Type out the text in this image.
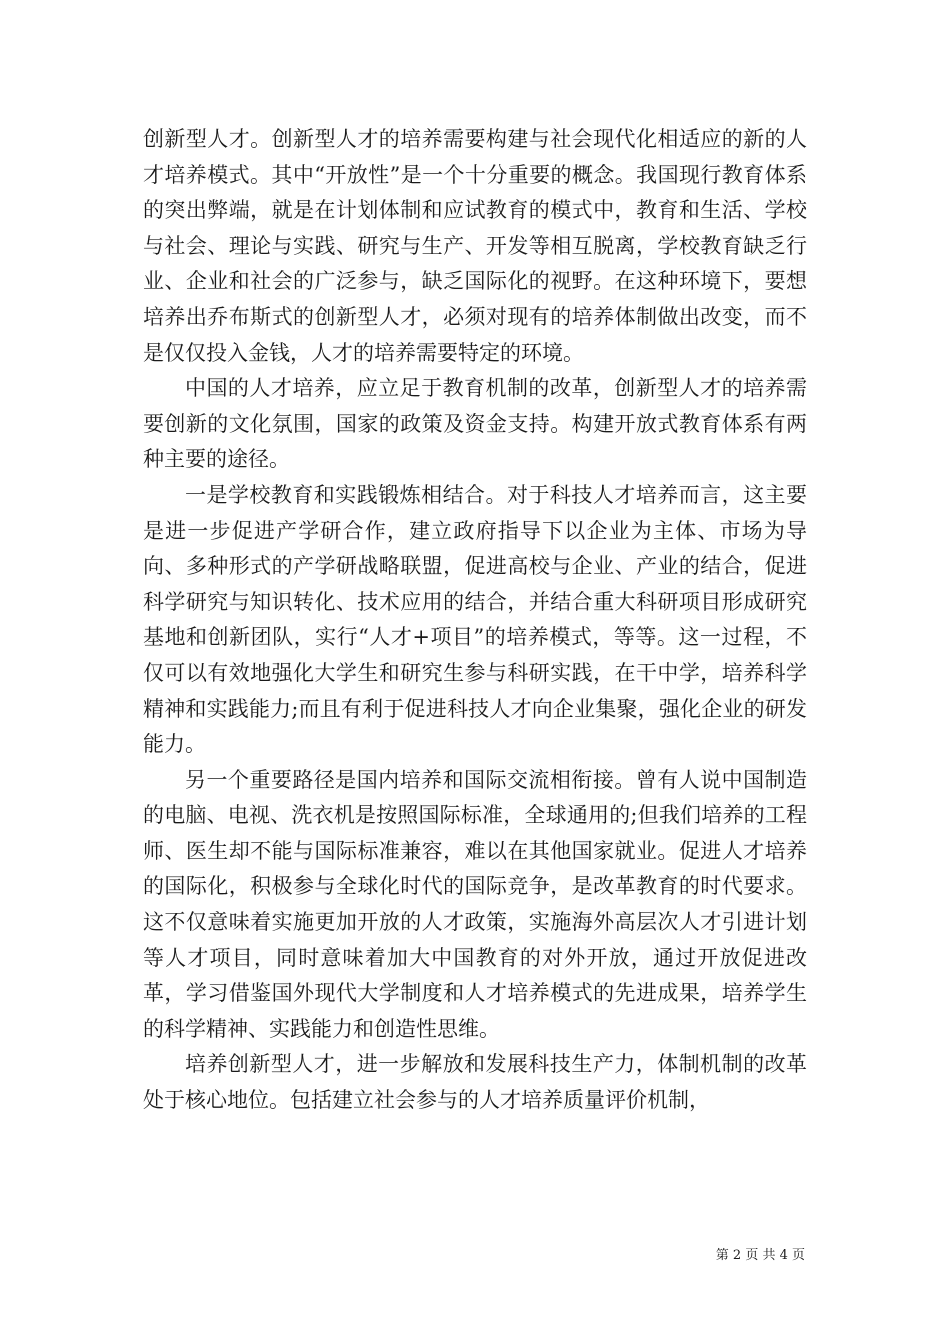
创新型人才。创新型人才的培养需要构建与社会现代化相适应的新的人才培养模式。其中“开放性”是一个十分重要的概念。我国现行教育体系的突出弊端，就是在计划体制和应试教育的模式中，教育和生活、学校与社会、理论与实践、研究与生产、开发等相互脱离，学校教育缺乏行业、企业和社会的广泛参与，缺乏国际化的视野。在这种环境下，要想培养出乔布斯式的创新型人才，必须对现有的培养体制做出改变，而不是仅仅投入金钱，人才的培养需要特定的环境。

中国的人才培养，应立足于教育机制的改革，创新型人才的培养需要创新的文化氛围，国家的政策及资金支持。构建开放式教育体系有两种主要的途径。

一是学校教育和实践锻炼相结合。对于科技人才培养而言，这主要是进一步促进产学研合作，建立政府指导下以企业为主体、市场为导向、多种形式的产学研战略联盟，促进高校与企业、产业的结合，促进科学研究与知识转化、技术应用的结合，并结合重大科研项目形成研究基地和创新团队，实行“人才+项目”的培养模式，等等。这一过程，不仅可以有效地强化大学生和研究生参与科研实践，在干中学，培养科学精神和实践能力;而且有利于促进科技人才向企业集聚，强化企业的研发能力。

另一个重要路径是国内培养和国际交流相衔接。曾有人说中国制造的电脑、电视、洗衣机是按照国际标准，全球通用的;但我们培养的工程师、医生却不能与国际标准兼容，难以在其他国家就业。促进人才培养的国际化，积极参与全球化时代的国际竞争，是改革教育的时代要求。这不仅意味着实施更加开放的人才政策，实施海外高层次人才引进计划等人才项目，同时意味着加大中国教育的对外开放，通过开放促进改革，学习借鉴国外现代大学制度和人才培养模式的先进成果，培养学生的科学精神、实践能力和创造性思维。

培养创新型人才，进一步解放和发展科技生产力，体制机制的改革处于核心地位。包括建立社会参与的人才培养质量评价机制，

第 2 页 共 4 页
